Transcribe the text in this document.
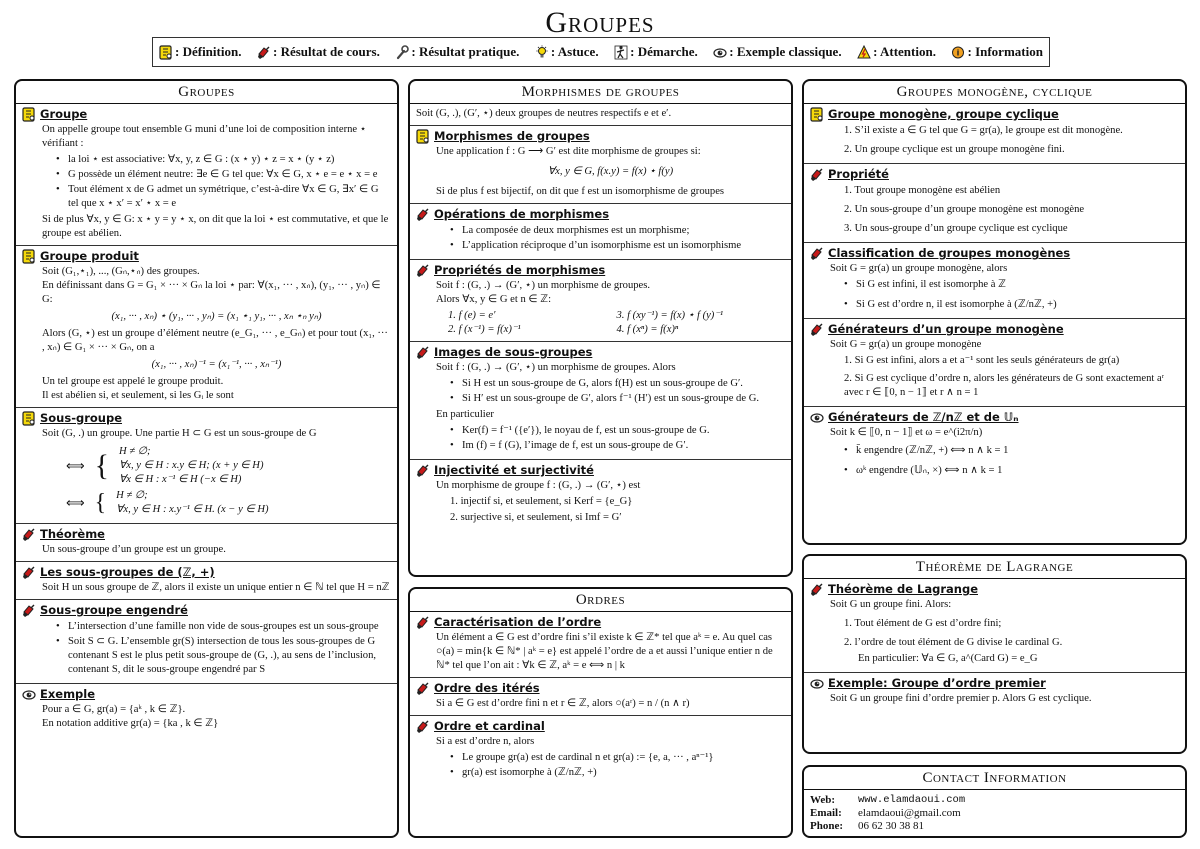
Groupes
: Définition. : Résultat de cours. : Résultat pratique. : Astuce. : Démarche. : Exemple classique. : Attention. : Information
Groupes
Groupe
On appelle groupe tout ensemble G muni d’une loi de composition interne ⋆ vérifiant :
• la loi ⋆ est associative: ∀x, y, z ∈ G : (x ⋆ y) ⋆ z = x ⋆ (y ⋆ z)
• G possède un élément neutre: ∃e ∈ G tel que: ∀x ∈ G, x ⋆ e = e ⋆ x = e
• Tout élément x de G admet un symétrique, c’est-à-dire ∀x ∈ G, ∃x′ ∈ G tel que x ⋆ x′ = x′ ⋆ x = e
Si de plus ∀x, y ∈ G: x ⋆ y = y ⋆ x, on dit que la loi ⋆ est commutative, et que le groupe est abélien.
Groupe produit
Soit (G₁,⋆₁), ..., (Gₙ,⋆ₙ) des groupes.
En définissant dans G = G₁ × ··· × Gₙ la loi ⋆ par: ∀(x₁, ··· , xₙ), (y₁, ··· , yₙ) ∈ G:
(x₁, ··· , xₙ) ⋆ (y₁, ··· , yₙ) = (x₁ ⋆₁ y₁, ··· , xₙ ⋆ₙ yₙ)
Alors (G, ⋆) est un groupe d’élément neutre (e_G₁, ··· , e_Gₙ) et pour tout (x₁, ··· , xₙ) ∈ G₁ × ··· × Gₙ, on a
(x₁, ··· , xₙ)⁻¹ = (x₁⁻¹, ··· , xₙ⁻¹)
Un tel groupe est appelé le groupe produit.
Il est abélien si, et seulement, si les Gᵢ le sont
Sous-groupe
Soit (G, .) un groupe. Une partie H ⊂ G est un sous-groupe de G
⟺ { H ≠ ∅;
∀x, y ∈ H : x.y ∈ H; (x + y ∈ H)
∀x ∈ H : x⁻¹ ∈ H (−x ∈ H)
⟺ { H ≠ ∅;
∀x, y ∈ H : x.y⁻¹ ∈ H. (x − y ∈ H)
Théorème
Un sous-groupe d’un groupe est un groupe.
Les sous-groupes de (ℤ, +)
Soit H un sous groupe de ℤ, alors il existe un unique entier n ∈ ℕ tel que H = nℤ
Sous-groupe engendré
• L’intersection d’une famille non vide de sous-groupes est un sous-groupe
• Soit S ⊂ G. L’ensemble gr(S) intersection de tous les sous-groupes de G contenant S est le plus petit sous-groupe de (G, .), au sens de l’inclusion, contenant S, dit le sous-groupe engendré par S
Exemple
Pour a ∈ G, gr(a) = {aᵏ , k ∈ ℤ}.
En notation additive gr(a) = {ka , k ∈ ℤ}
Morphismes de groupes
Soit (G, .), (G′, ⋆) deux groupes de neutres respectifs e et e′.
Morphismes de groupes
Une application f : G ⟶ G′ est dite morphisme de groupes si:
∀x, y ∈ G, f(x.y) = f(x) ⋆ f(y)
Si de plus f est bijectif, on dit que f est un isomorphisme de groupes
Opérations de morphismes
• La composée de deux morphismes est un morphisme;
• L’application réciproque d’un isomorphisme est un isomorphisme
Propriétés de morphismes
Soit f : (G, .) → (G′, ⋆) un morphisme de groupes.
Alors ∀x, y ∈ G et n ∈ ℤ:
1. f (e) = e′	3. f (xy⁻¹) = f(x) ⋆ f (y)⁻¹
2. f (x⁻¹) = f(x)⁻¹	4. f (xⁿ) = f(x)ⁿ
Images de sous-groupes
Soit f : (G, .) → (G′, ⋆) un morphisme de groupes. Alors
• Si H est un sous-groupe de G, alors f(H) est un sous-groupe de G′.
• Si H′ est un sous-groupe de G′, alors f⁻¹ (H′) est un sous-groupe de G.
En particulier
• Ker(f) = f⁻¹ ({e′}), le noyau de f, est un sous-groupe de G.
• Im (f) = f (G), l’image de f, est un sous-groupe de G′.
Injectivité et surjectivité
Un morphisme de groupe f : (G, .) → (G′, ⋆) est
1. injectif si, et seulement, si Kerf = {e_G}
2. surjective si, et seulement, si Imf = G′
Ordres
Caractérisation de l’ordre
Un élément a ∈ G est d’ordre fini s’il existe k ∈ ℤ* tel que aᵏ = e. Au quel cas ○(a) = min{k ∈ ℕ* | aᵏ = e} est appelé l’ordre de a et aussi l’unique entier n de ℕ* tel que l’on ait : ∀k ∈ ℤ, aᵏ = e ⟺ n | k
Ordre des itérés
Si a ∈ G est d’ordre fini n et r ∈ ℤ, alors ○(aʳ) = n / (n ∧ r)
Ordre et cardinal
Si a est d’ordre n, alors
• Le groupe gr(a) est de cardinal n et gr(a) := {e, a, ··· , aⁿ⁻¹}
• gr(a) est isomorphe à (ℤ/nℤ, +)
Groupes monogène, cyclique
Groupe monogène, groupe cyclique
1. S’il existe a ∈ G tel que G = gr(a), le groupe est dit monogène.
2. Un groupe cyclique est un groupe monogène fini.
Propriété
1. Tout groupe monogène est abélien
2. Un sous-groupe d’un groupe monogène est monogène
3. Un sous-groupe d’un groupe cyclique est cyclique
Classification de groupes monogènes
Soit G = gr(a) un groupe monogène, alors
• Si G est infini, il est isomorphe à ℤ
• Si G est d’ordre n, il est isomorphe à (ℤ/nℤ, +)
Générateurs d’un groupe monogène
Soit G = gr(a) un groupe monogène
1. Si G est infini, alors a et a⁻¹ sont les seuls générateurs de gr(a)
2. Si G est cyclique d’ordre n, alors les générateurs de G sont exactement aʳ avec r ∈ ⟦0, n − 1⟧ et r ∧ n = 1
Générateurs de ℤ/nℤ et de 𝕌ₙ
Soit k ∈ ⟦0, n − 1⟧ et ω = e^(i2π/n)
• k̄ engendre (ℤ/nℤ, +) ⟺ n ∧ k = 1
• ωᵏ engendre (𝕌ₙ, ×) ⟺ n ∧ k = 1
Théorème de Lagrange
Théorème de Lagrange
Soit G un groupe fini. Alors:
1. Tout élément de G est d’ordre fini;
2. l’ordre de tout élément de G divise le cardinal G.
En particulier: ∀a ∈ G, a^(Card G) = e_G
Exemple: Groupe d’ordre premier
Soit G un groupe fini d’ordre premier p. Alors G est cyclique.
Contact Information
Web:	www.elamdaoui.com
Email:	elamdaoui@gmail.com
Phone:	06 62 30 38 81
